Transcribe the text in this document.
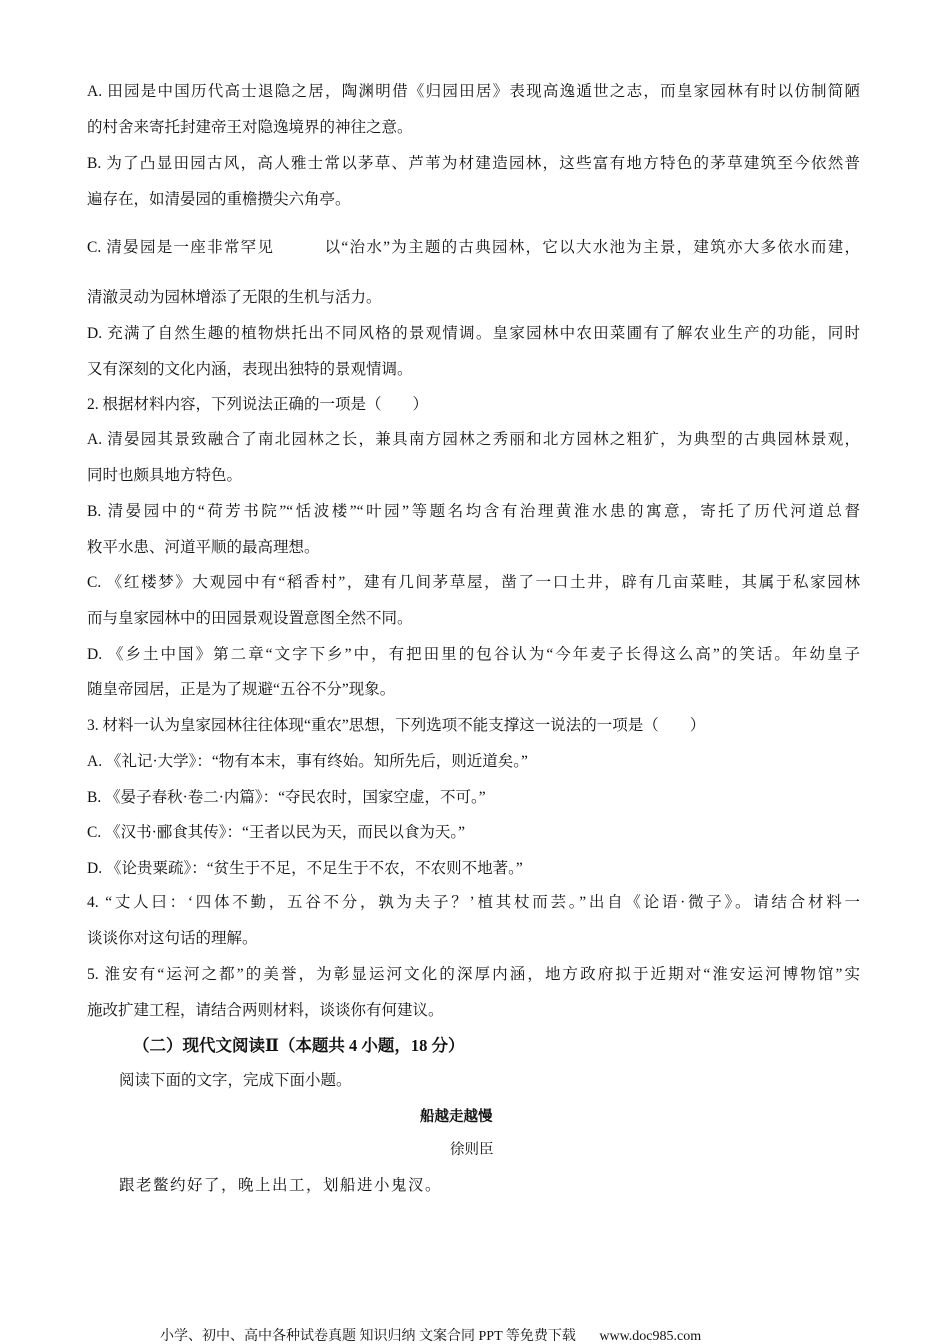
A. 田园是中国历代高士退隐之居，陶渊明借《归园田居》表现高逸遁世之志，而皇家园林有时以仿制简陋
的村舍来寄托封建帝王对隐逸境界的神往之意。
B. 为了凸显田园古风，高人雅士常以茅草、芦苇为材建造园林，这些富有地方特色的茅草建筑至今依然普
遍存在，如清晏园的重檐攒尖六角亭。
C. 清晏园是一座非常罕见　　　以“治水”为主题的古典园林，它以大水池为主景，建筑亦大多依水而建，
清澈灵动为园林增添了无限的生机与活力。
D. 充满了自然生趣的植物烘托出不同风格的景观情调。皇家园林中农田菜圃有了解农业生产的功能，同时
又有深刻的文化内涵，表现出独特的景观情调。
2. 根据材料内容，下列说法正确的一项是（　　）
A. 清晏园其景致融合了南北园林之长，兼具南方园林之秀丽和北方园林之粗犷，为典型的古典园林景观，
同时也颇具地方特色。
B. 清晏园中的“荷芳书院”“恬波楼”“叶园”等题名均含有治理黄淮水患的寓意，寄托了历代河道总督
敉平水患、河道平顺的最高理想。
C. 《红楼梦》大观园中有“稻香村”，建有几间茅草屋，凿了一口土井，辟有几亩菜畦，其属于私家园林
而与皇家园林中的田园景观设置意图全然不同。
D. 《乡土中国》第二章“文字下乡”中，有把田里的包谷认为“今年麦子长得这么高”的笑话。年幼皇子
随皇帝园居，正是为了规避“五谷不分”现象。
3. 材料一认为皇家园林往往体现“重农”思想，下列选项不能支撑这一说法的一项是（　　）
A. 《礼记·大学》：“物有本末，事有终始。知所先后，则近道矣。”
B. 《晏子春秋·卷二·内篇》：“夺民农时，国家空虚，不可。”
C. 《汉书·郦食其传》：“王者以民为天，而民以食为天。”
D. 《论贵粟疏》：“贫生于不足，不足生于不农，不农则不地著。”
4. “丈人曰：‘四体不勤，五谷不分，孰为夫子？’植其杖而芸。”出自《论语·微子》。请结合材料一
谈谈你对这句话的理解。
5. 淮安有“运河之都”的美誉，为彰显运河文化的深厚内涵，地方政府拟于近期对“淮安运河博物馆”实
施改扩建工程，请结合两则材料，谈谈你有何建议。
（二）现代文阅读Ⅱ（本题共 4 小题，18 分）
阅读下面的文字，完成下面小题。
船越走越慢
徐则臣
跟老鳖约好了，晚上出工，划船进小鬼汊。
小学、初中、高中各种试卷真题 知识归纳 文案合同 PPT 等免费下载 www.doc985.com
